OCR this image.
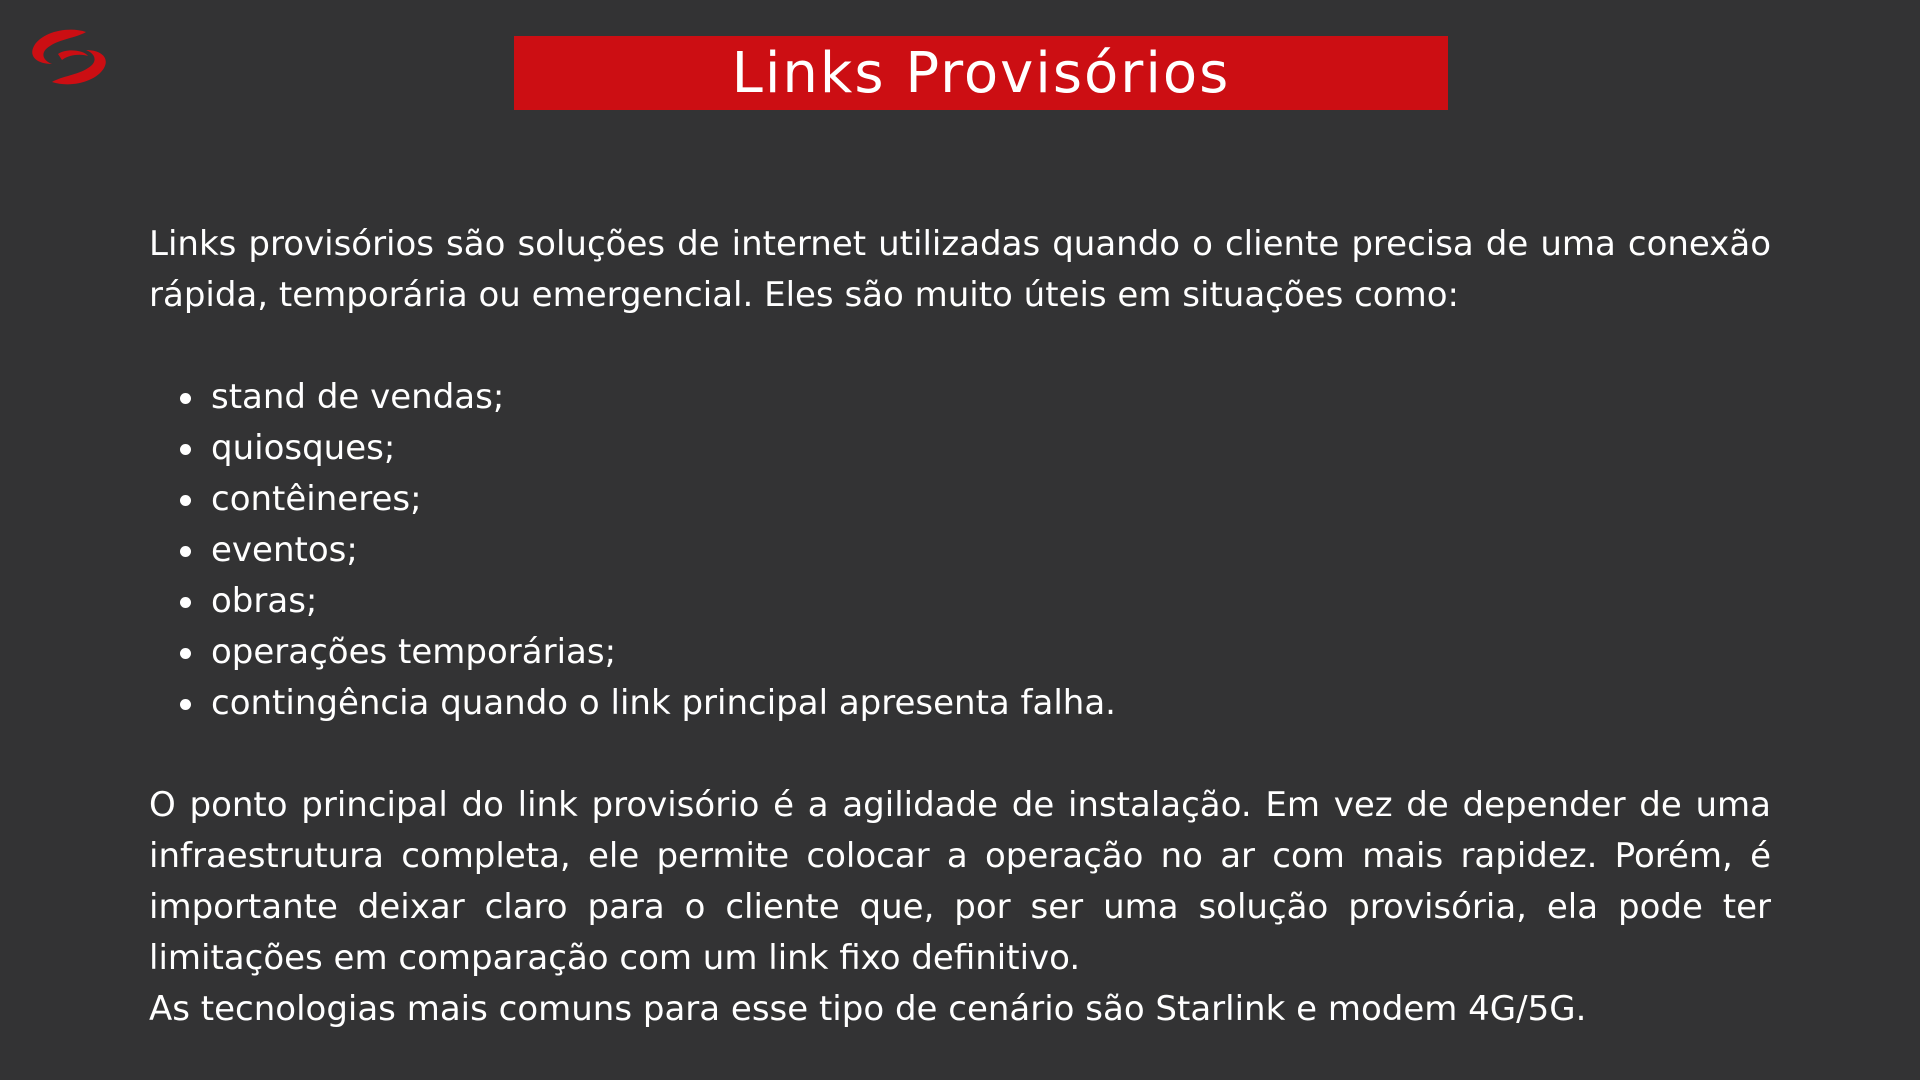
Links Provisórios

Links provisórios são soluções de internet utilizadas quando o cliente precisa de uma conexão rápida, temporária ou emergencial. Eles são muito úteis em situações como:

stand de vendas;
quiosques;
contêineres;
eventos;
obras;
operações temporárias;
contingência quando o link principal apresenta falha.

O ponto principal do link provisório é a agilidade de instalação. Em vez de depender de uma infraestrutura completa, ele permite colocar a operação no ar com mais rapidez. Porém, é importante deixar claro para o cliente que, por ser uma solução provisória, ela pode ter limitações em comparação com um link fixo definitivo.

As tecnologias mais comuns para esse tipo de cenário são Starlink e modem 4G/5G.
